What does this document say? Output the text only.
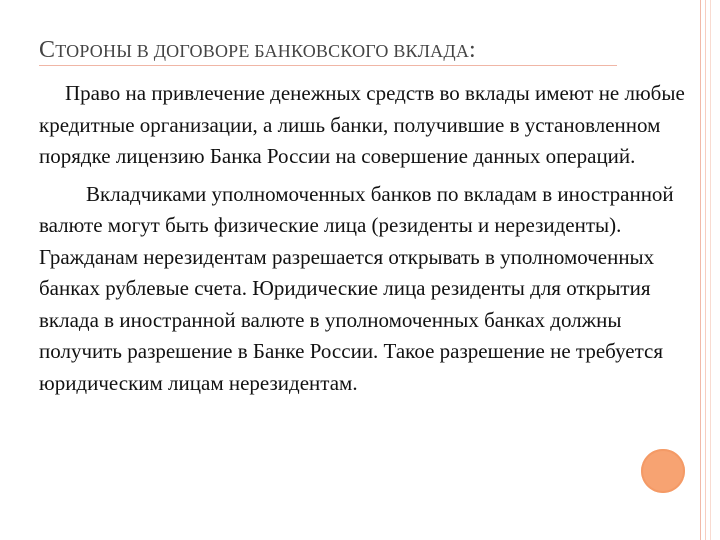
СТОРОНЫ В ДОГОВОРЕ БАНКОВСКОГО ВКЛАДА:

Право на привлечение денежных средств во вклады имеют не любые кредитные организации, а лишь банки, получившие в установленном порядке лицензию Банка России на совершение данных операций.

Вкладчиками уполномоченных банков по вкладам в иностранной валюте могут быть физические лица (резиденты и нерезиденты). Гражданам нерезидентам разрешается открывать в уполномоченных банках рублевые счета. Юридические лица резиденты для открытия вклада в иностранной валюте в уполномоченных банках должны получить разрешение в Банке России. Такое разрешение не требуется юридическим лицам нерезидентам.
